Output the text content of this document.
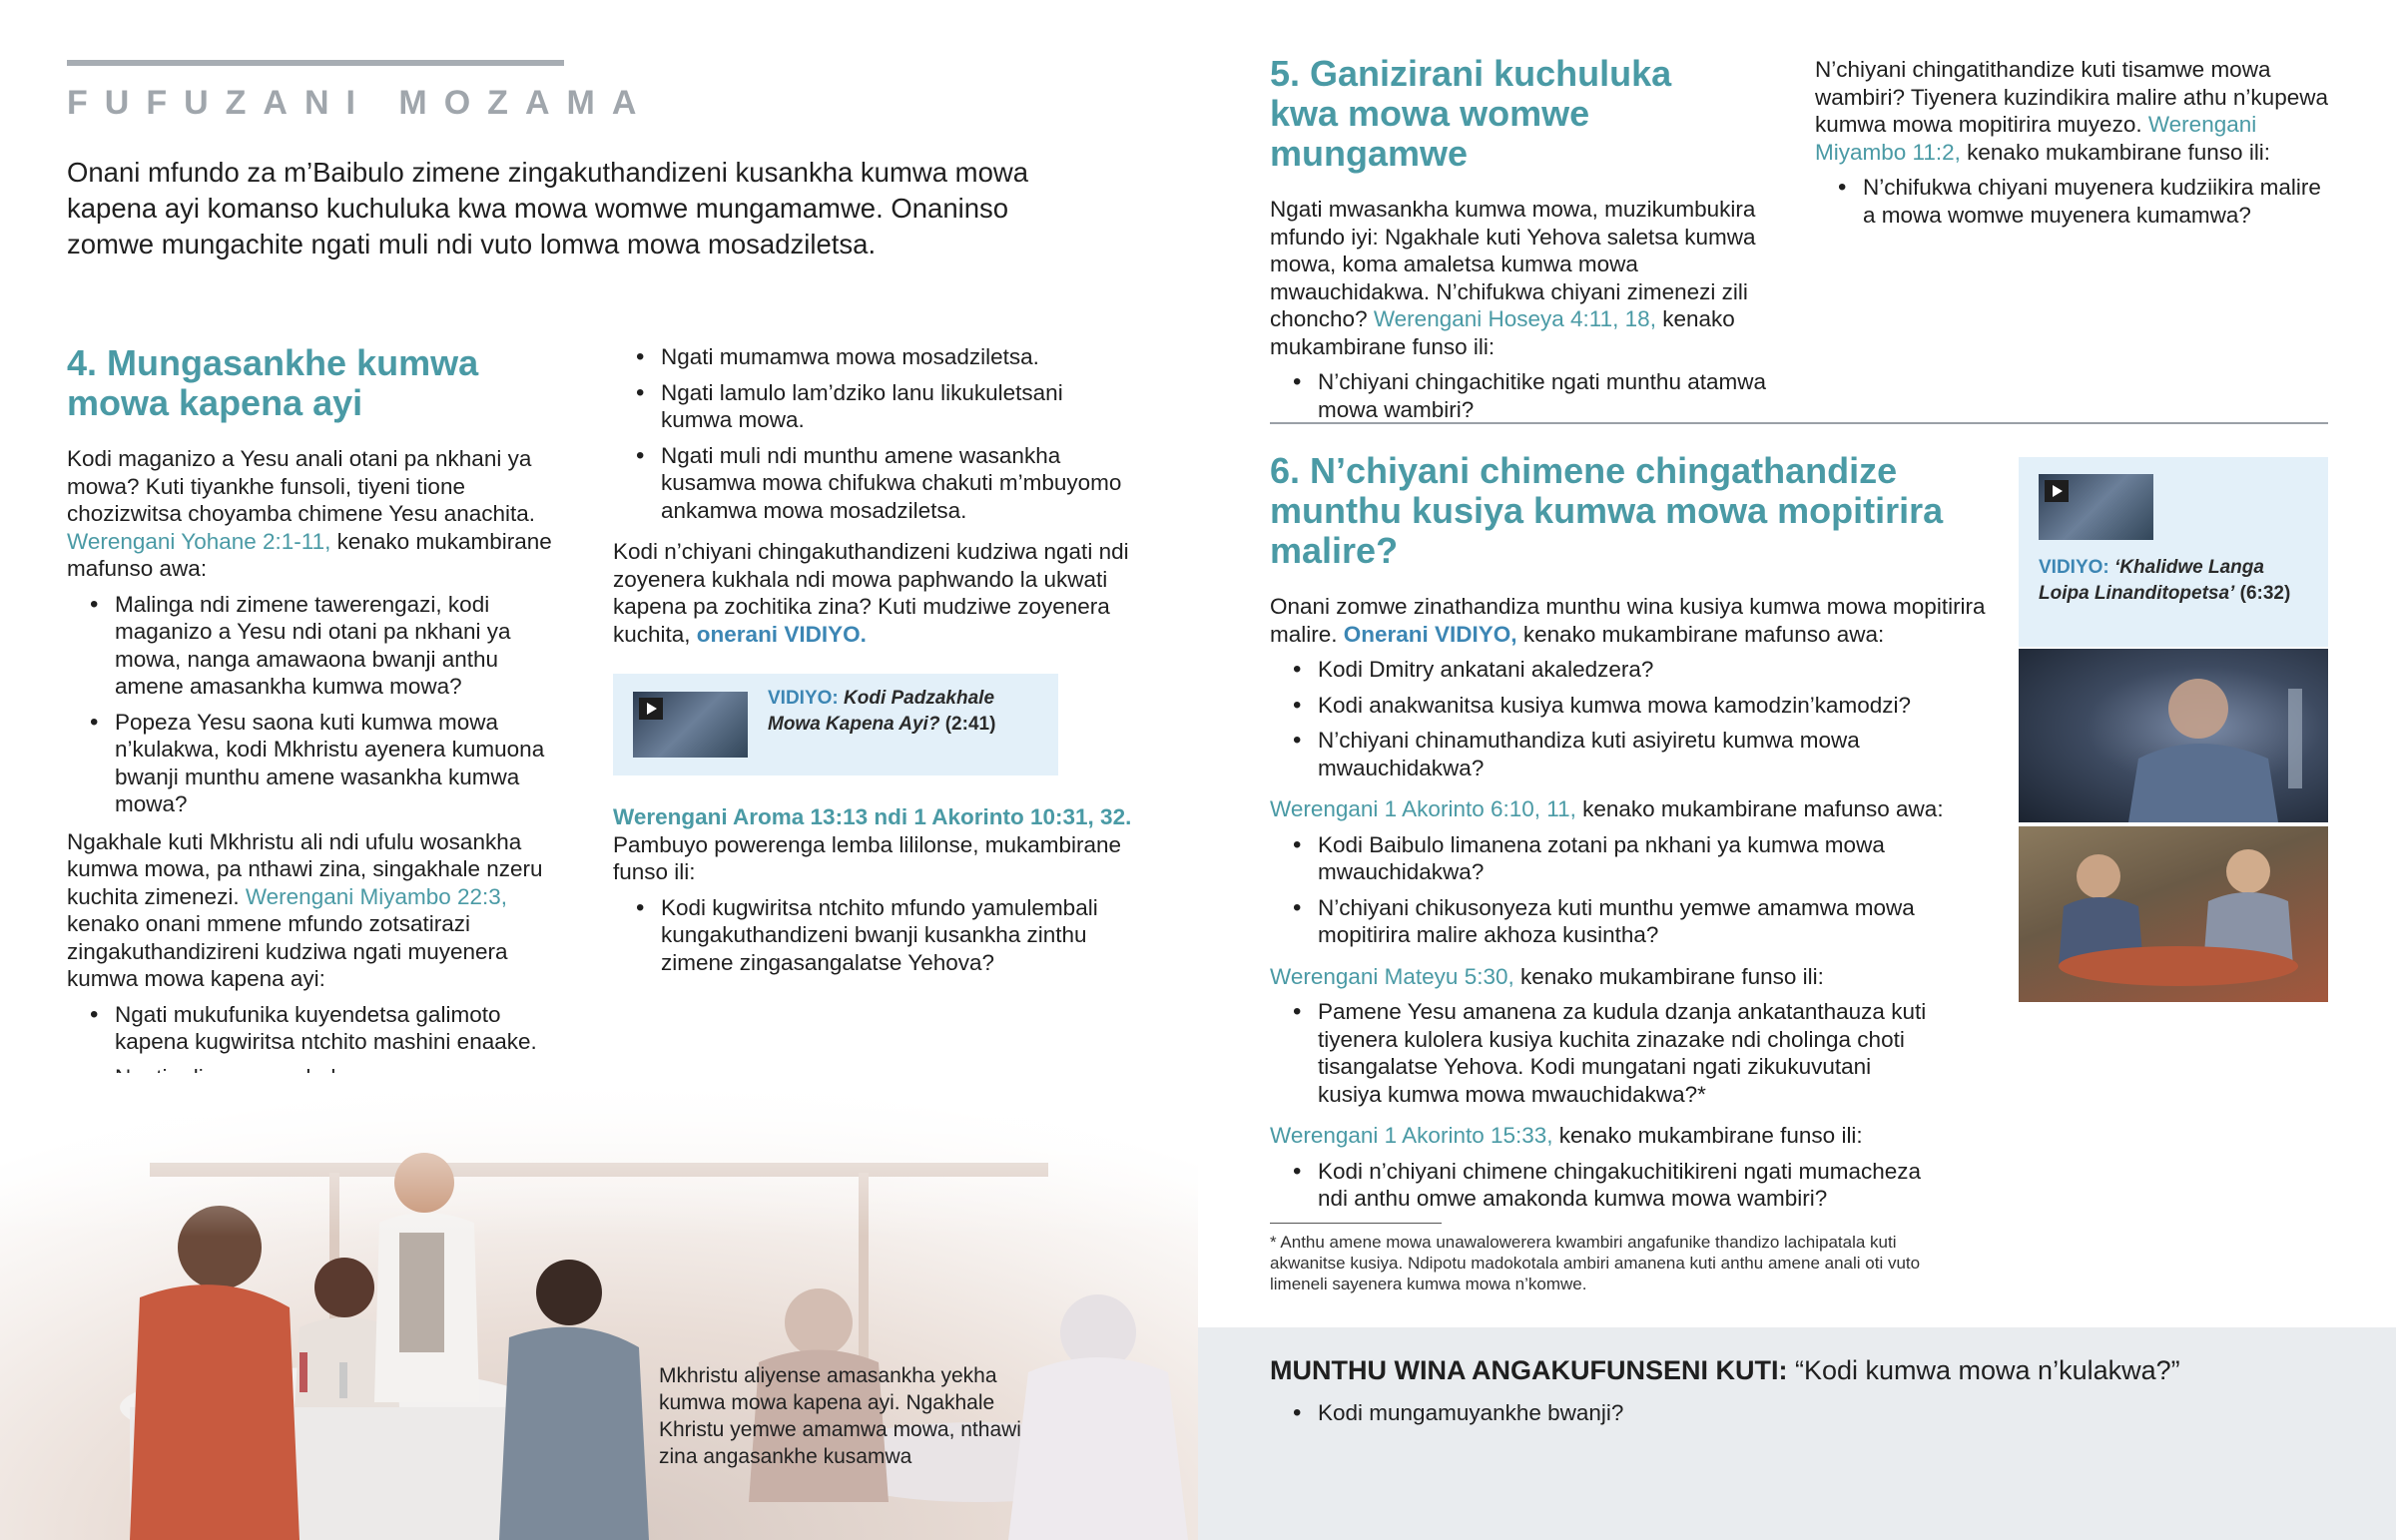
FUFUZANI MOZAMA

Onani mfundo za m’Baibulo zimene zingakuthandizeni kusankha kumwa mowa kapena ayi komanso kuchuluka kwa mowa womwe mungamamwe. Onaninso zomwe mungachite ngati muli ndi vuto lomwa mowa mosadziletsa.

4. Mungasankhe kumwa mowa kapena ayi

Kodi maganizo a Yesu anali otani pa nkhani ya mowa? Kuti tiyankhe funsoli, tiyeni tione chozizwitsa choyamba chimene Yesu anachita. Werengani Yohane 2:1-11, kenako mukambirane mafunso awa:

• Malinga ndi zimene tawerengazi, kodi maganizo a Yesu ndi otani pa nkhani ya mowa, nanga amawaona bwanji anthu amene amasankha kumwa mowa?
• Popeza Yesu saona kuti kumwa mowa n’kulakwa, kodi Mkhristu ayenera kumuona bwanji munthu amene wasankha kumwa mowa?

Ngakhale kuti Mkhristu ali ndi ufulu wosankha kumwa mowa, pa nthawi zina, singakhale nzeru kuchita zimenezi. Werengani Miyambo 22:3, kenako onani mmene mfundo zotsatirazi zingakuthandizireni kudziwa ngati muyenera kumwa mowa kapena ayi:

• Ngati mukufunika kuyendetsa galimoto kapena kugwiritsa ntchito mashini enaake.
•
•
• Ngati mumamwa mowa mosadziletsa.
• Ngati lamulo lam’dziko lanu likukuletsani kumwa mowa.
• Ngati muli ndi munthu amene wasankha kusamwa mowa chifukwa chakuti m’mbuyomo ankamwa mowa mosadziletsa.

Kodi n’chiyani chingakuthandizeni kudziwa ngati ndi zoyenera kukhala ndi mowa paphwando la ukwati kapena pa zochitika zina? Kuti mudziwe zoyenera kuchita, onerani VIDIYO.

VIDIYO: Kodi Padzakhale Mowa Kapena Ayi? (2:41)

Werengani Aroma 13:13 ndi 1 Akorinto 10:31, 32.

Pambuyo powerenga lemba lililonse, mukambirane funso ili:

• Kodi kugwiritsa ntchito mfundo yamulembali kungakuthandizeni bwanji kusankha zinthu zimene zingasangalatse Yehova?

Mkhristu aliyense amasankha yekha kumwa mowa kapena ayi. Ngakhale Khristu yemwe amamwa mowa, nthawi zina angasankhe kusamwa

5. Ganizirani kuchuluka kwa mowa womwe mungamwe

Ngati mwasankha kumwa mowa, muzikumbukira mfundo iyi: Ngakhale kuti Yehova saletsa kumwa mowa, koma amaletsa kumwa mowa mwauchidakwa. N’chifukwa chiyani zimenezi zili choncho? Werengani Hoseya 4:11, 18, kenako mukambirane funso ili:

• N’chiyani chingachitike ngati munthu atamwa mowa wambiri?

N’chiyani chingatithandize kuti tisamwe mowa wambiri? Tiyenera kuzindikira malire athu n’kupewa kumwa mowa mopitirira muyezo. Werengani Miyambo 11:2, kenako mukambirane funso ili:

• N’chifukwa chiyani muyenera kudziikira malire a mowa womwe muyenera kumamwa?
6. N’chiyani chimene chingathandize munthu kusiya kumwa mowa mopitirira malire?

Onani zomwe zinathandiza munthu wina kusiya kumwa mowa mopitirira malire. Onerani VIDIYO, kenako mukambirane mafunso awa:

• Kodi Dmitry ankatani akaledzera?
• Kodi anakwanitsa kusiya kumwa mowa kamodzin’kamodzi?
• N’chiyani chinamuthandiza kuti asiyiretu kumwa mowa mwauchidakwa?

Werengani 1 Akorinto 6:10, 11, kenako mukambirane mafunso awa:

• Kodi Baibulo limanena zotani pa nkhani ya kumwa mowa mwauchidakwa?
• N’chiyani chikusonyeza kuti munthu yemwe amamwa mowa mopitirira malire akhoza kusintha?

Werengani Mateyu 5:30, kenako mukambirane funso ili:

• Pamene Yesu amanena za kudula dzanja ankatanthauza kuti tiyenera kulolera kusiya kuchita zinazake ndi cholinga choti tisangalatse Yehova. Kodi mungatani ngati zikukuvutani kusiya kumwa mowa mwauchidakwa?*

Werengani 1 Akorinto 15:33, kenako mukambirane funso ili:

• Kodi n’chiyani chimene chingakuchitikireni ngati mumacheza ndi anthu omwe amakonda kumwa mowa wambiri?

* Anthu amene mowa unawalowerera kwambiri angafunike thandizo lachipatala kuti akwanitse kusiya. Ndipotu madokotala ambiri amanena kuti anthu amene anali oti vuto limeneli sayenera kumwa mowa n’komwe.

VIDIYO: ‘Khalidwe Langa Loipa Linanditopetsa’ (6:32)
MUNTHU WINA ANGAKUFUNSENI KUTI: “Kodi kumwa mowa n’kulakwa?”
• Kodi mungamuyankhe bwanji?
